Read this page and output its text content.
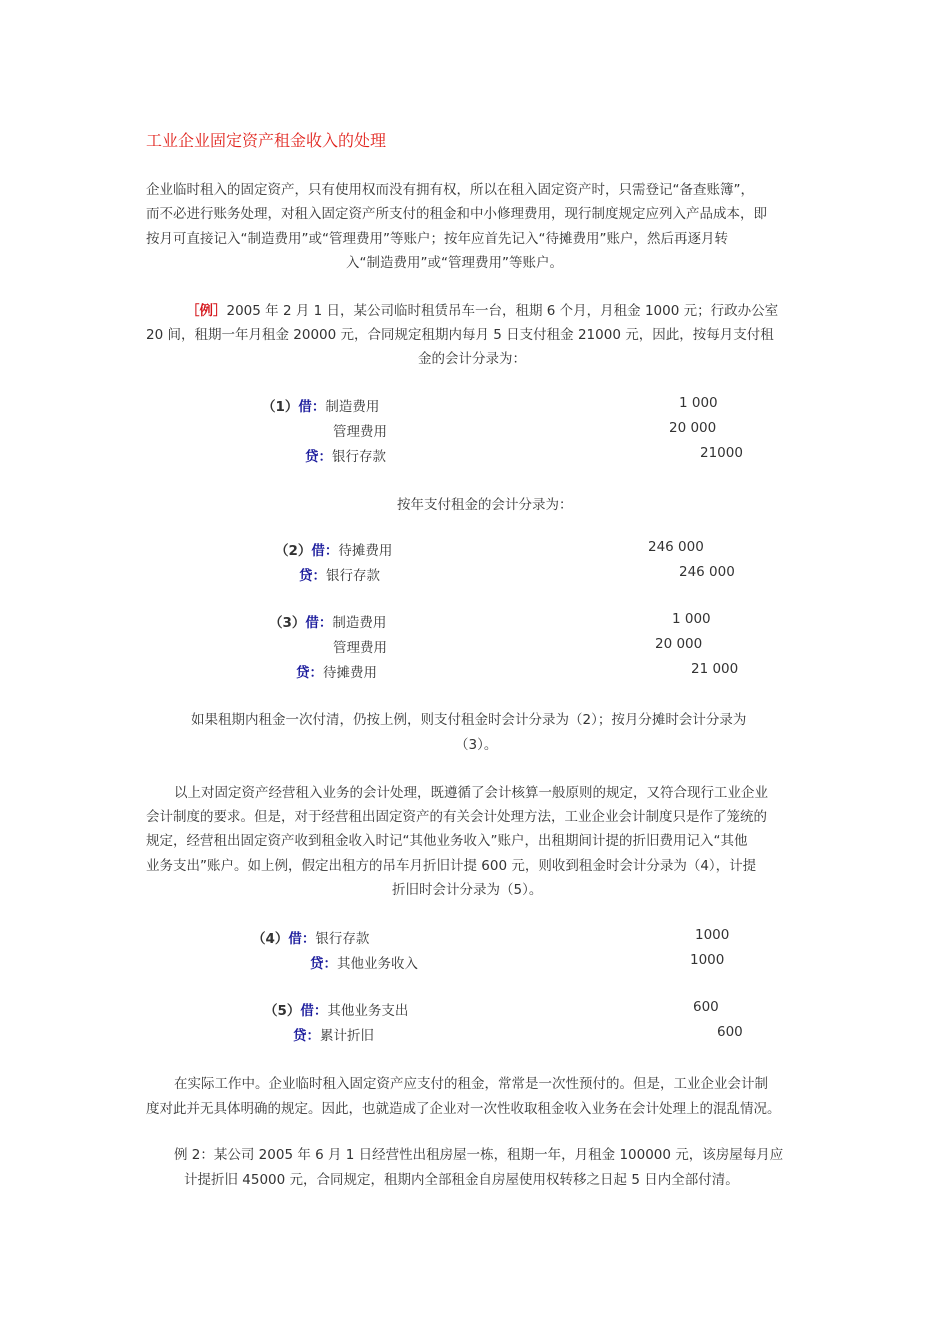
工业企业固定资产租金收入的处理
企业临时租入的固定资产，只有使用权而没有拥有权，所以在租入固定资产时，只需登记“备查账簿”，
而不必进行账务处理，对租入固定资产所支付的租金和中小修理费用，现行制度规定应列入产品成本，即
按月可直接记入“制造费用”或“管理费用”等账户；按年应首先记入“待摊费用”账户，然后再逐月转
入“制造费用”或“管理费用”等账户。
［例］2005 年 2 月 1 日，某公司临时租赁吊车一台，租期 6 个月，月租金 1000 元；行政办公室
20 间，租期一年月租金 20000 元，合同规定租期内每月 5 日支付租金 21000 元，因此，按每月支付租
金的会计分录为：
（1）借：制造费用	1 000
管理费用	20 000
贷：银行存款	21000
按年支付租金的会计分录为：
（2）借：待摊费用	246 000
贷：银行存款	246 000
（3）借：制造费用	1 000
管理费用	20 000
贷：待摊费用	21 000
如果租期内租金一次付清，仍按上例，则支付租金时会计分录为（2）；按月分摊时会计分录为
（3）。
以上对固定资产经营租入业务的会计处理，既遵循了会计核算一般原则的规定，又符合现行工业企业
会计制度的要求。但是，对于经营租出固定资产的有关会计处理方法，工业企业会计制度只是作了笼统的
规定，经营租出固定资产收到租金收入时记“其他业务收入”账户，出租期间计提的折旧费用记入“其他
业务支出”账户。如上例，假定出租方的吊车月折旧计提 600 元，则收到租金时会计分录为（4），计提
折旧时会计分录为（5）。
（4）借：银行存款	1000
贷：其他业务收入	1000
（5）借：其他业务支出	600
贷：累计折旧	600
在实际工作中。企业临时租入固定资产应支付的租金，常常是一次性预付的。但是，工业企业会计制
度对此并无具体明确的规定。因此，也就造成了企业对一次性收取租金收入业务在会计处理上的混乱情况。
例 2：某公司 2005 年 6 月 1 日经营性出租房屋一栋，租期一年，月租金 100000 元，该房屋每月应
计提折旧 45000 元，合同规定，租期内全部租金自房屋使用权转移之日起 5 日内全部付清。
